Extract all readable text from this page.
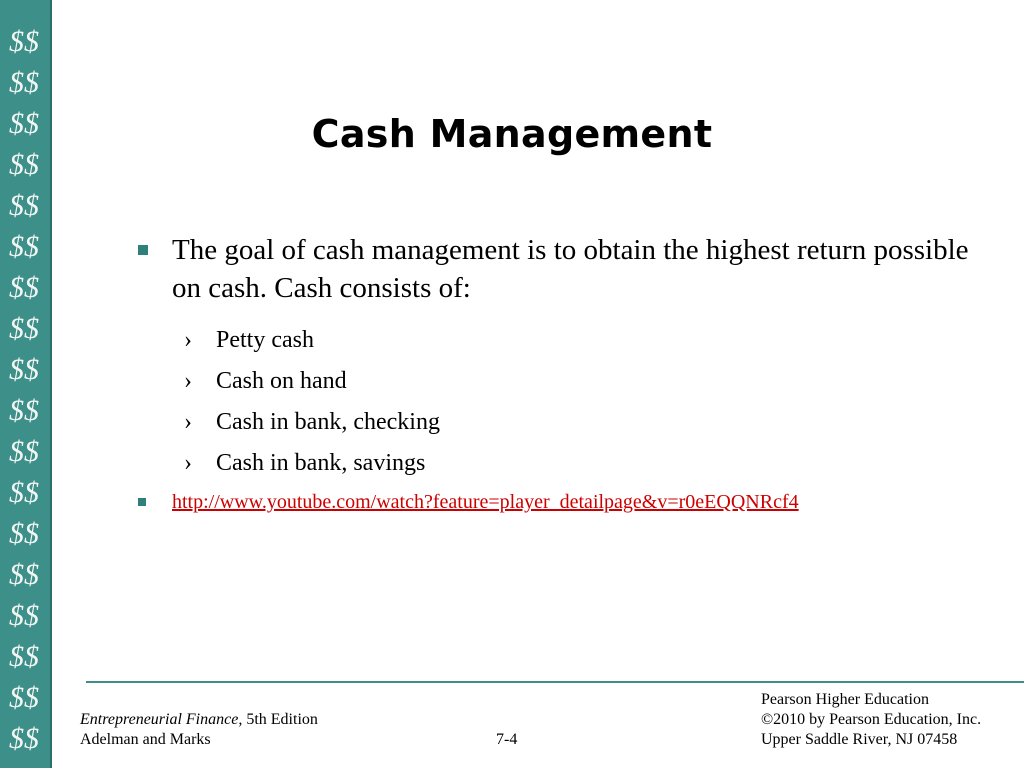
$$
$$
$$
$$
$$
$$
$$
$$
$$
$$
$$
$$
$$
$$
$$
$$
$$
$$
Cash Management
The goal of cash management is to obtain the highest return possible on cash. Cash consists of:
› Petty cash
› Cash on hand
› Cash in bank, checking
› Cash in bank, savings
http://www.youtube.com/watch?feature=player_detailpage&v=r0eEQQNRcf4
Entrepreneurial Finance, 5th Edition
Adelman and Marks	7-4
Pearson Higher Education
©2010 by Pearson Education, Inc.
Upper Saddle River, NJ 07458
